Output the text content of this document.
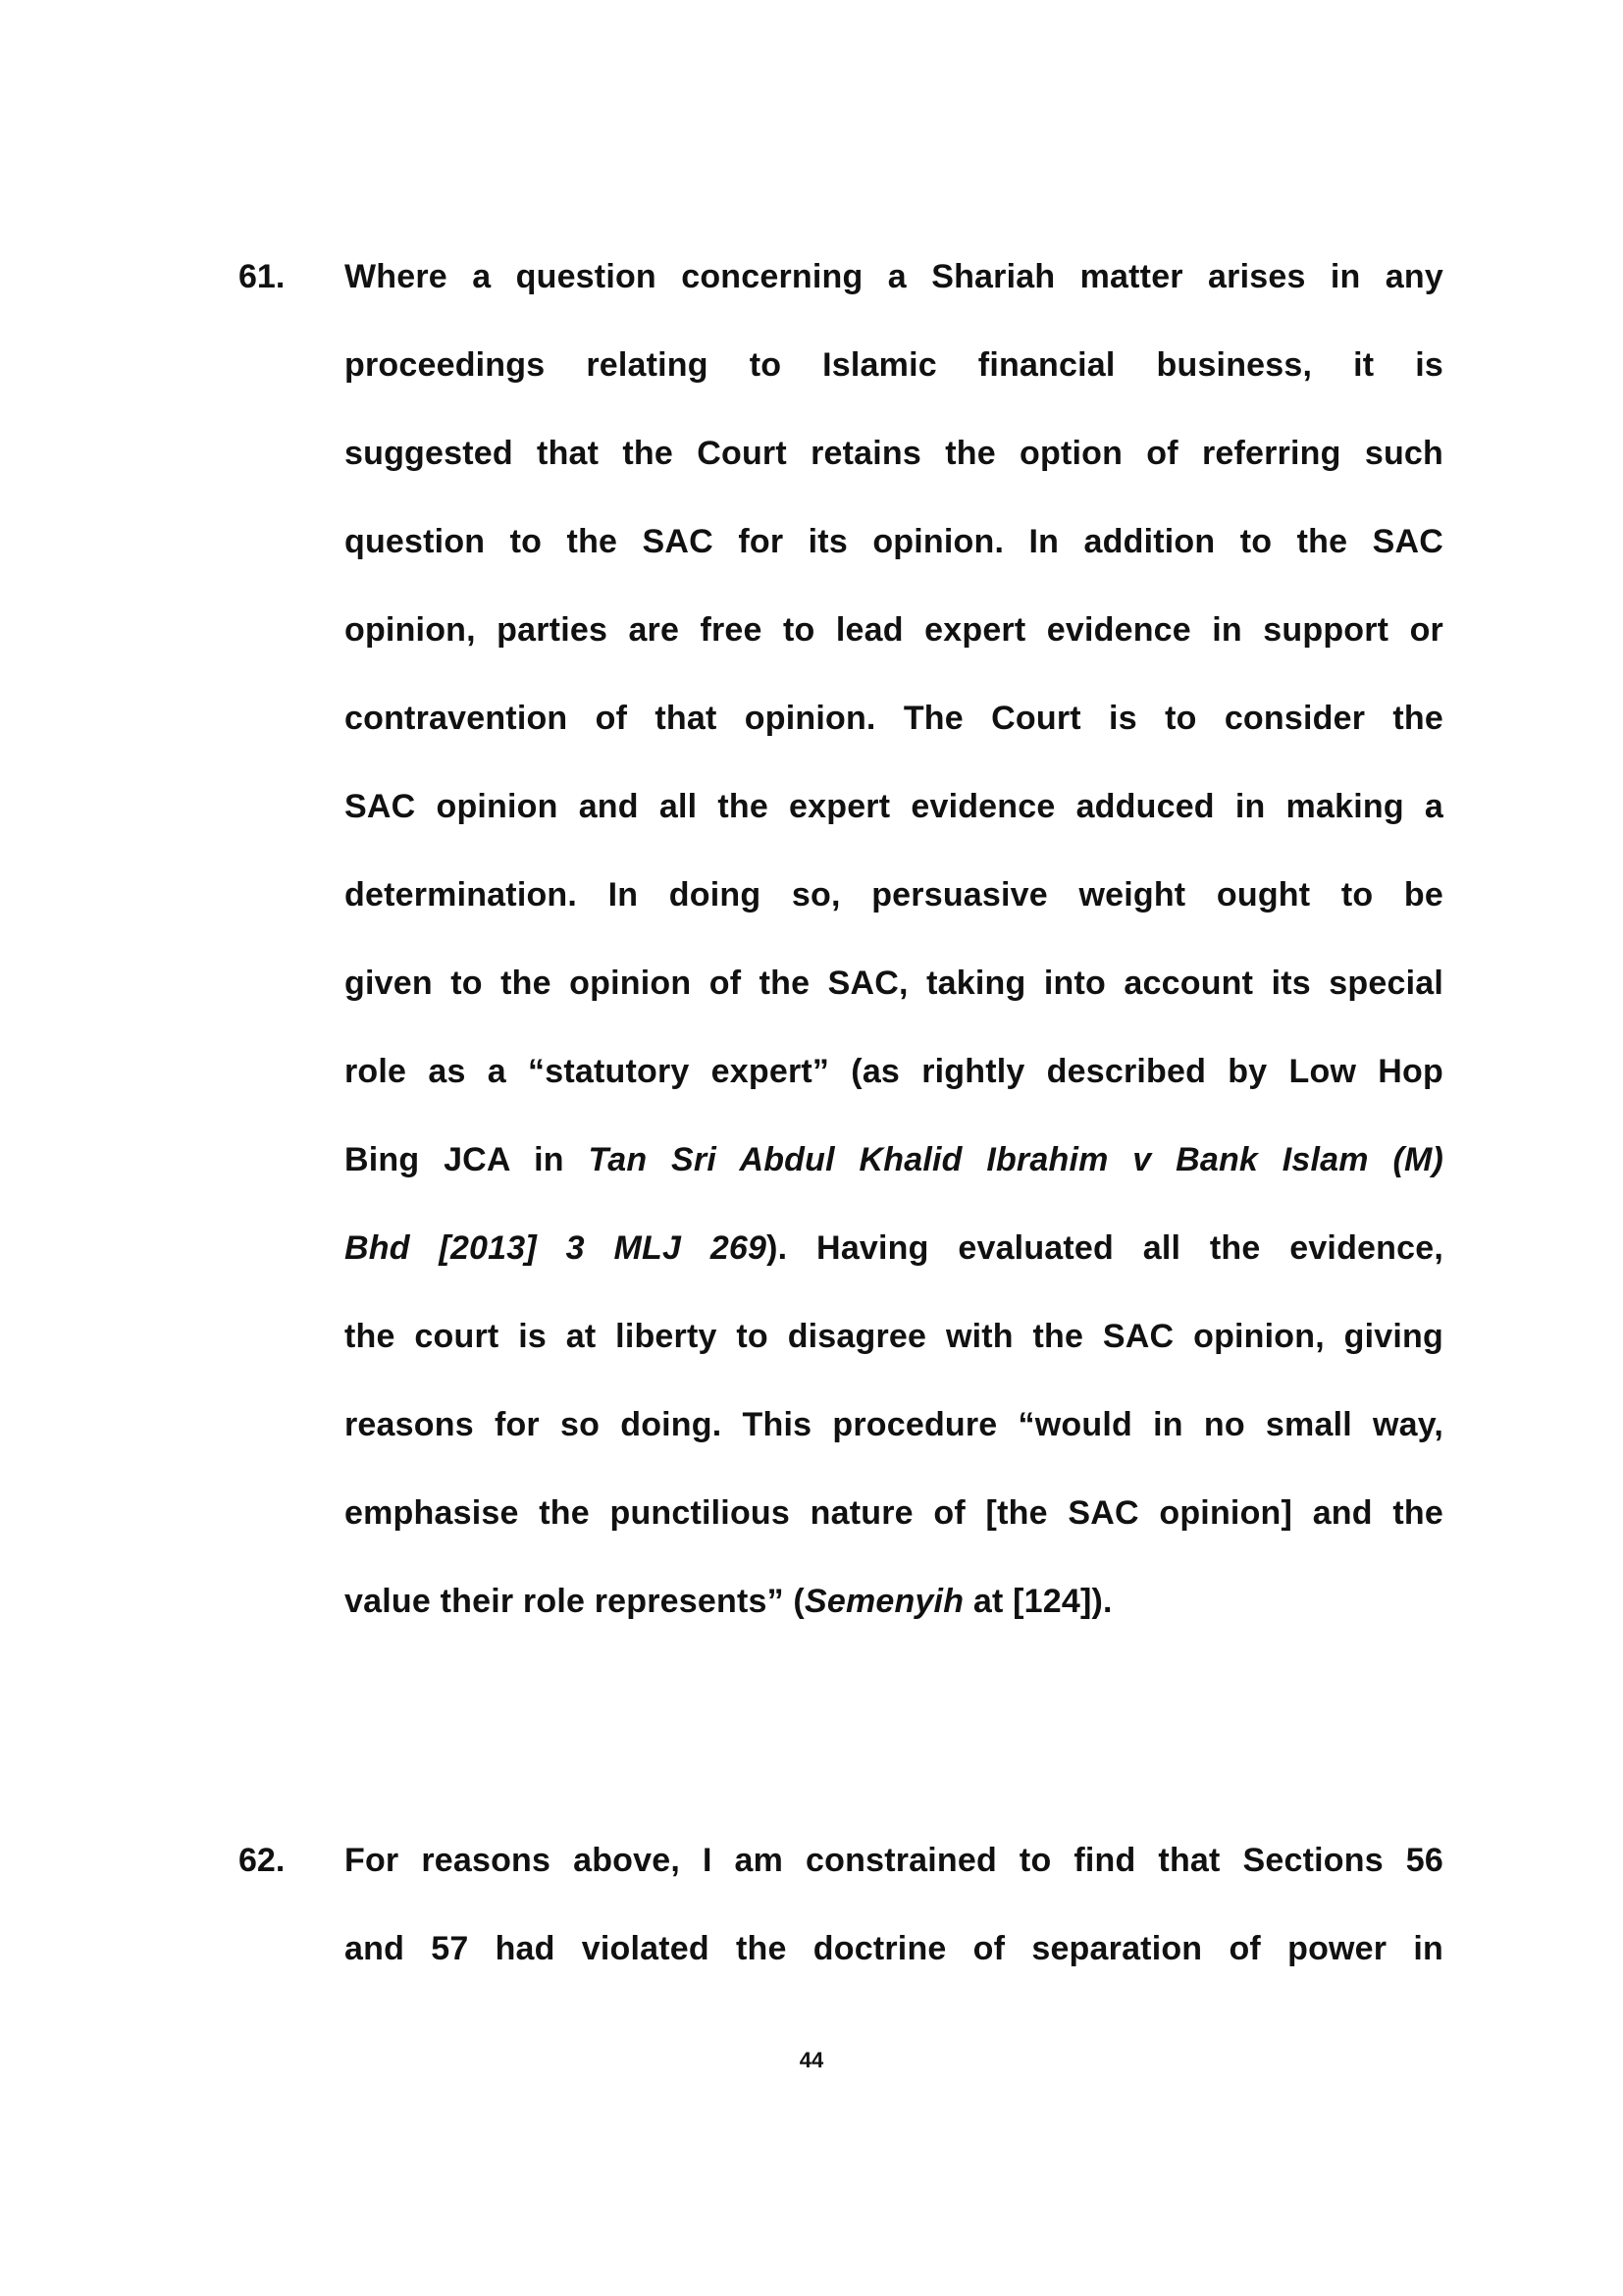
61. Where a question concerning a Shariah matter arises in any
proceedings relating to Islamic financial business, it is
suggested that the Court retains the option of referring such
question to the SAC for its opinion. In addition to the SAC
opinion, parties are free to lead expert evidence in support or
contravention of that opinion. The Court is to consider the
SAC opinion and all the expert evidence adduced in making a
determination. In doing so, persuasive weight ought to be
given to the opinion of the SAC, taking into account its special
role as a “statutory expert” (as rightly described by Low Hop
Bing JCA in Tan Sri Abdul Khalid Ibrahim v Bank Islam (M)
Bhd [2013] 3 MLJ 269). Having evaluated all the evidence,
the court is at liberty to disagree with the SAC opinion, giving
reasons for so doing. This procedure “would in no small way,
emphasise the punctilious nature of [the SAC opinion] and the
value their role represents” (Semenyih at [124]).
62. For reasons above, I am constrained to find that Sections 56
and 57 had violated the doctrine of separation of power in
44
